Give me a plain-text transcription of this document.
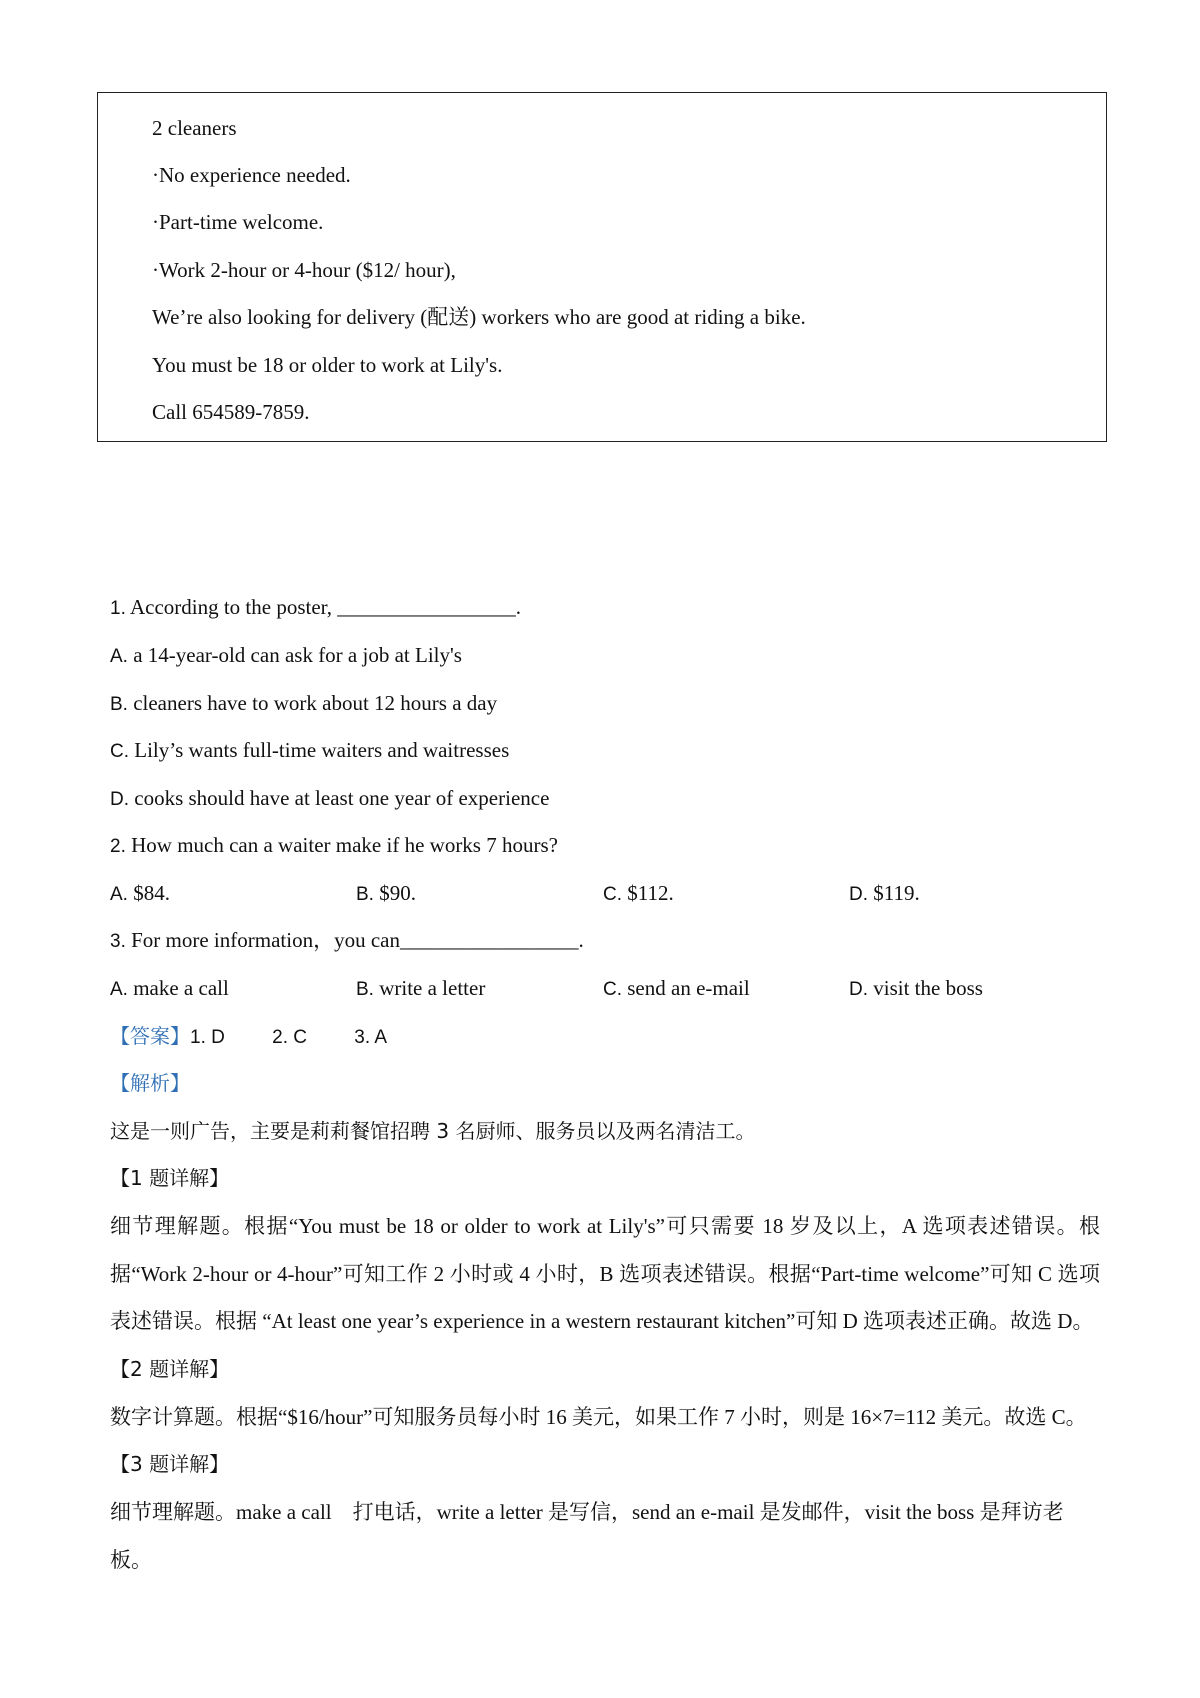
2 cleaners
·No experience needed.
·Part-time welcome.
·Work 2-hour or 4-hour ($12/ hour),
We’re also looking for delivery (配送) workers who are good at riding a bike.
You must be 18 or older to work at Lily's.
Call 654589-7859.
1. According to the poster, _________________.
A. a 14-year-old can ask for a job at Lily's
B. cleaners have to work about 12 hours a day
C. Lily’s wants full-time waiters and waitresses
D. cooks should have at least one year of experience
2. How much can a waiter make if he works 7 hours?
A. $84.	B. $90.	C. $112.	D. $119.
3. For more information，you can_________________.
A. make a call	B. write a letter	C. send an e-mail	D. visit the boss
【答案】1. D 2. C 3. A
【解析】
这是一则广告，主要是莉莉餐馆招聘 3 名厨师、服务员以及两名清洁工。
【1 题详解】
细节理解题。根据“You must be 18 or older to work at Lily's”可只需要 18 岁及以上，A 选项表述错误。根据“Work 2-hour or 4-hour”可知工作 2 小时或 4 小时，B 选项表述错误。根据“Part-time welcome”可知 C 选项表述错误。根据 “At least one year’s experience in a western restaurant kitchen”可知 D 选项表述正确。故选 D。
【2 题详解】
数字计算题。根据“$16/hour”可知服务员每小时 16 美元，如果工作 7 小时，则是 16×7=112 美元。故选 C。
【3 题详解】
细节理解题。make a call　打电话，write a letter 是写信，send an e-mail 是发邮件，visit the boss 是拜访老板。
